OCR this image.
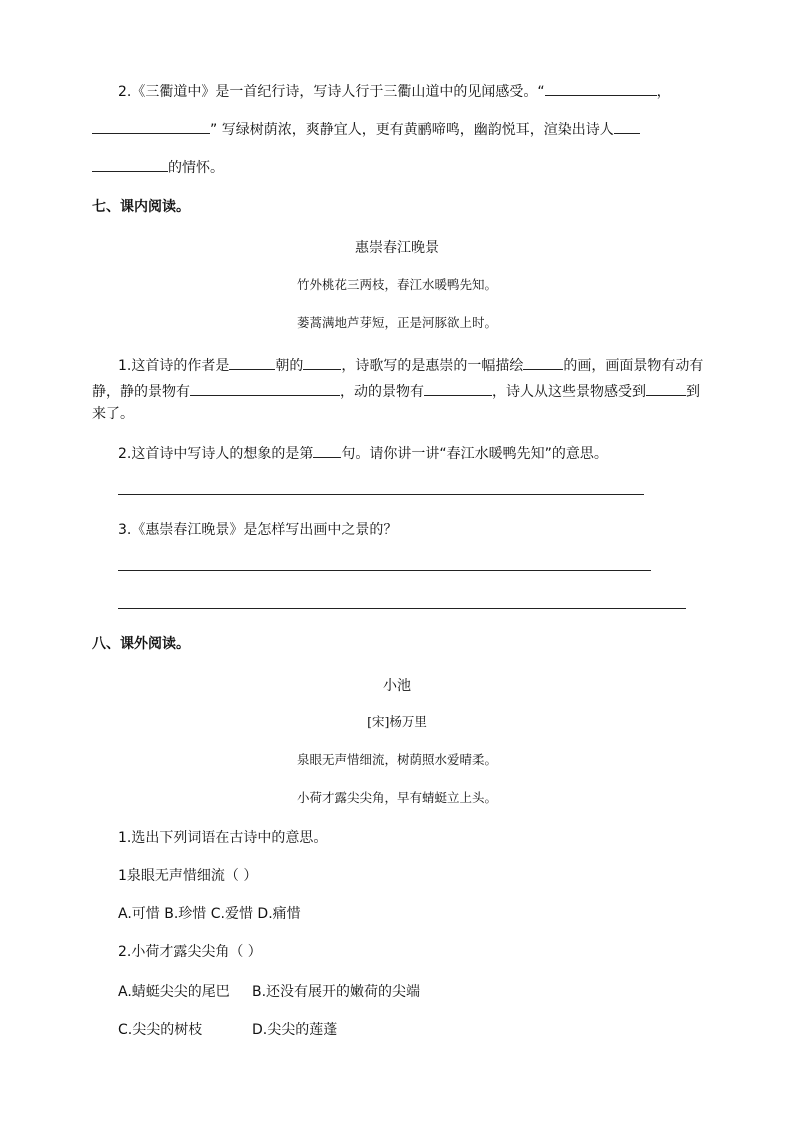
2.《三衢道中》是一首纪行诗，写诗人行于三衢山道中的见闻感受。“	，
” 写绿树荫浓，爽静宜人，更有黄鹂啼鸣，幽韵悦耳，渲染出诗人
的情怀。
七、课内阅读。
惠崇春江晚景
竹外桃花三两枝，春江水暖鸭先知。
蒌蒿满地芦芽短，正是河豚欲上时。
1.这首诗的作者是	朝的	，诗歌写的是惠崇的一幅描绘	的画，画面景物有动有
静，静的景物有	，动的景物有	，诗人从这些景物感受到	到
来了。
2.这首诗中写诗人的想象的是第 句。请你讲一讲“春江水暖鸭先知”的意思。
3.《惠崇春江晚景》是怎样写出画中之景的？
八、课外阅读。
小池
[宋]杨万里
泉眼无声惜细流，树荫照水爱晴柔。
小荷才露尖尖角，早有蜻蜓立上头。
1.选出下列词语在古诗中的意思。
1泉眼无声惜细流（ ）
A.可惜 B.珍惜 C.爱惜 D.痛惜
2.小荷才露尖尖角（ ）
A.蜻蜓尖尖的尾巴 B.还没有展开的嫩荷的尖端
C.尖尖的树枝	D.尖尖的莲蓬
